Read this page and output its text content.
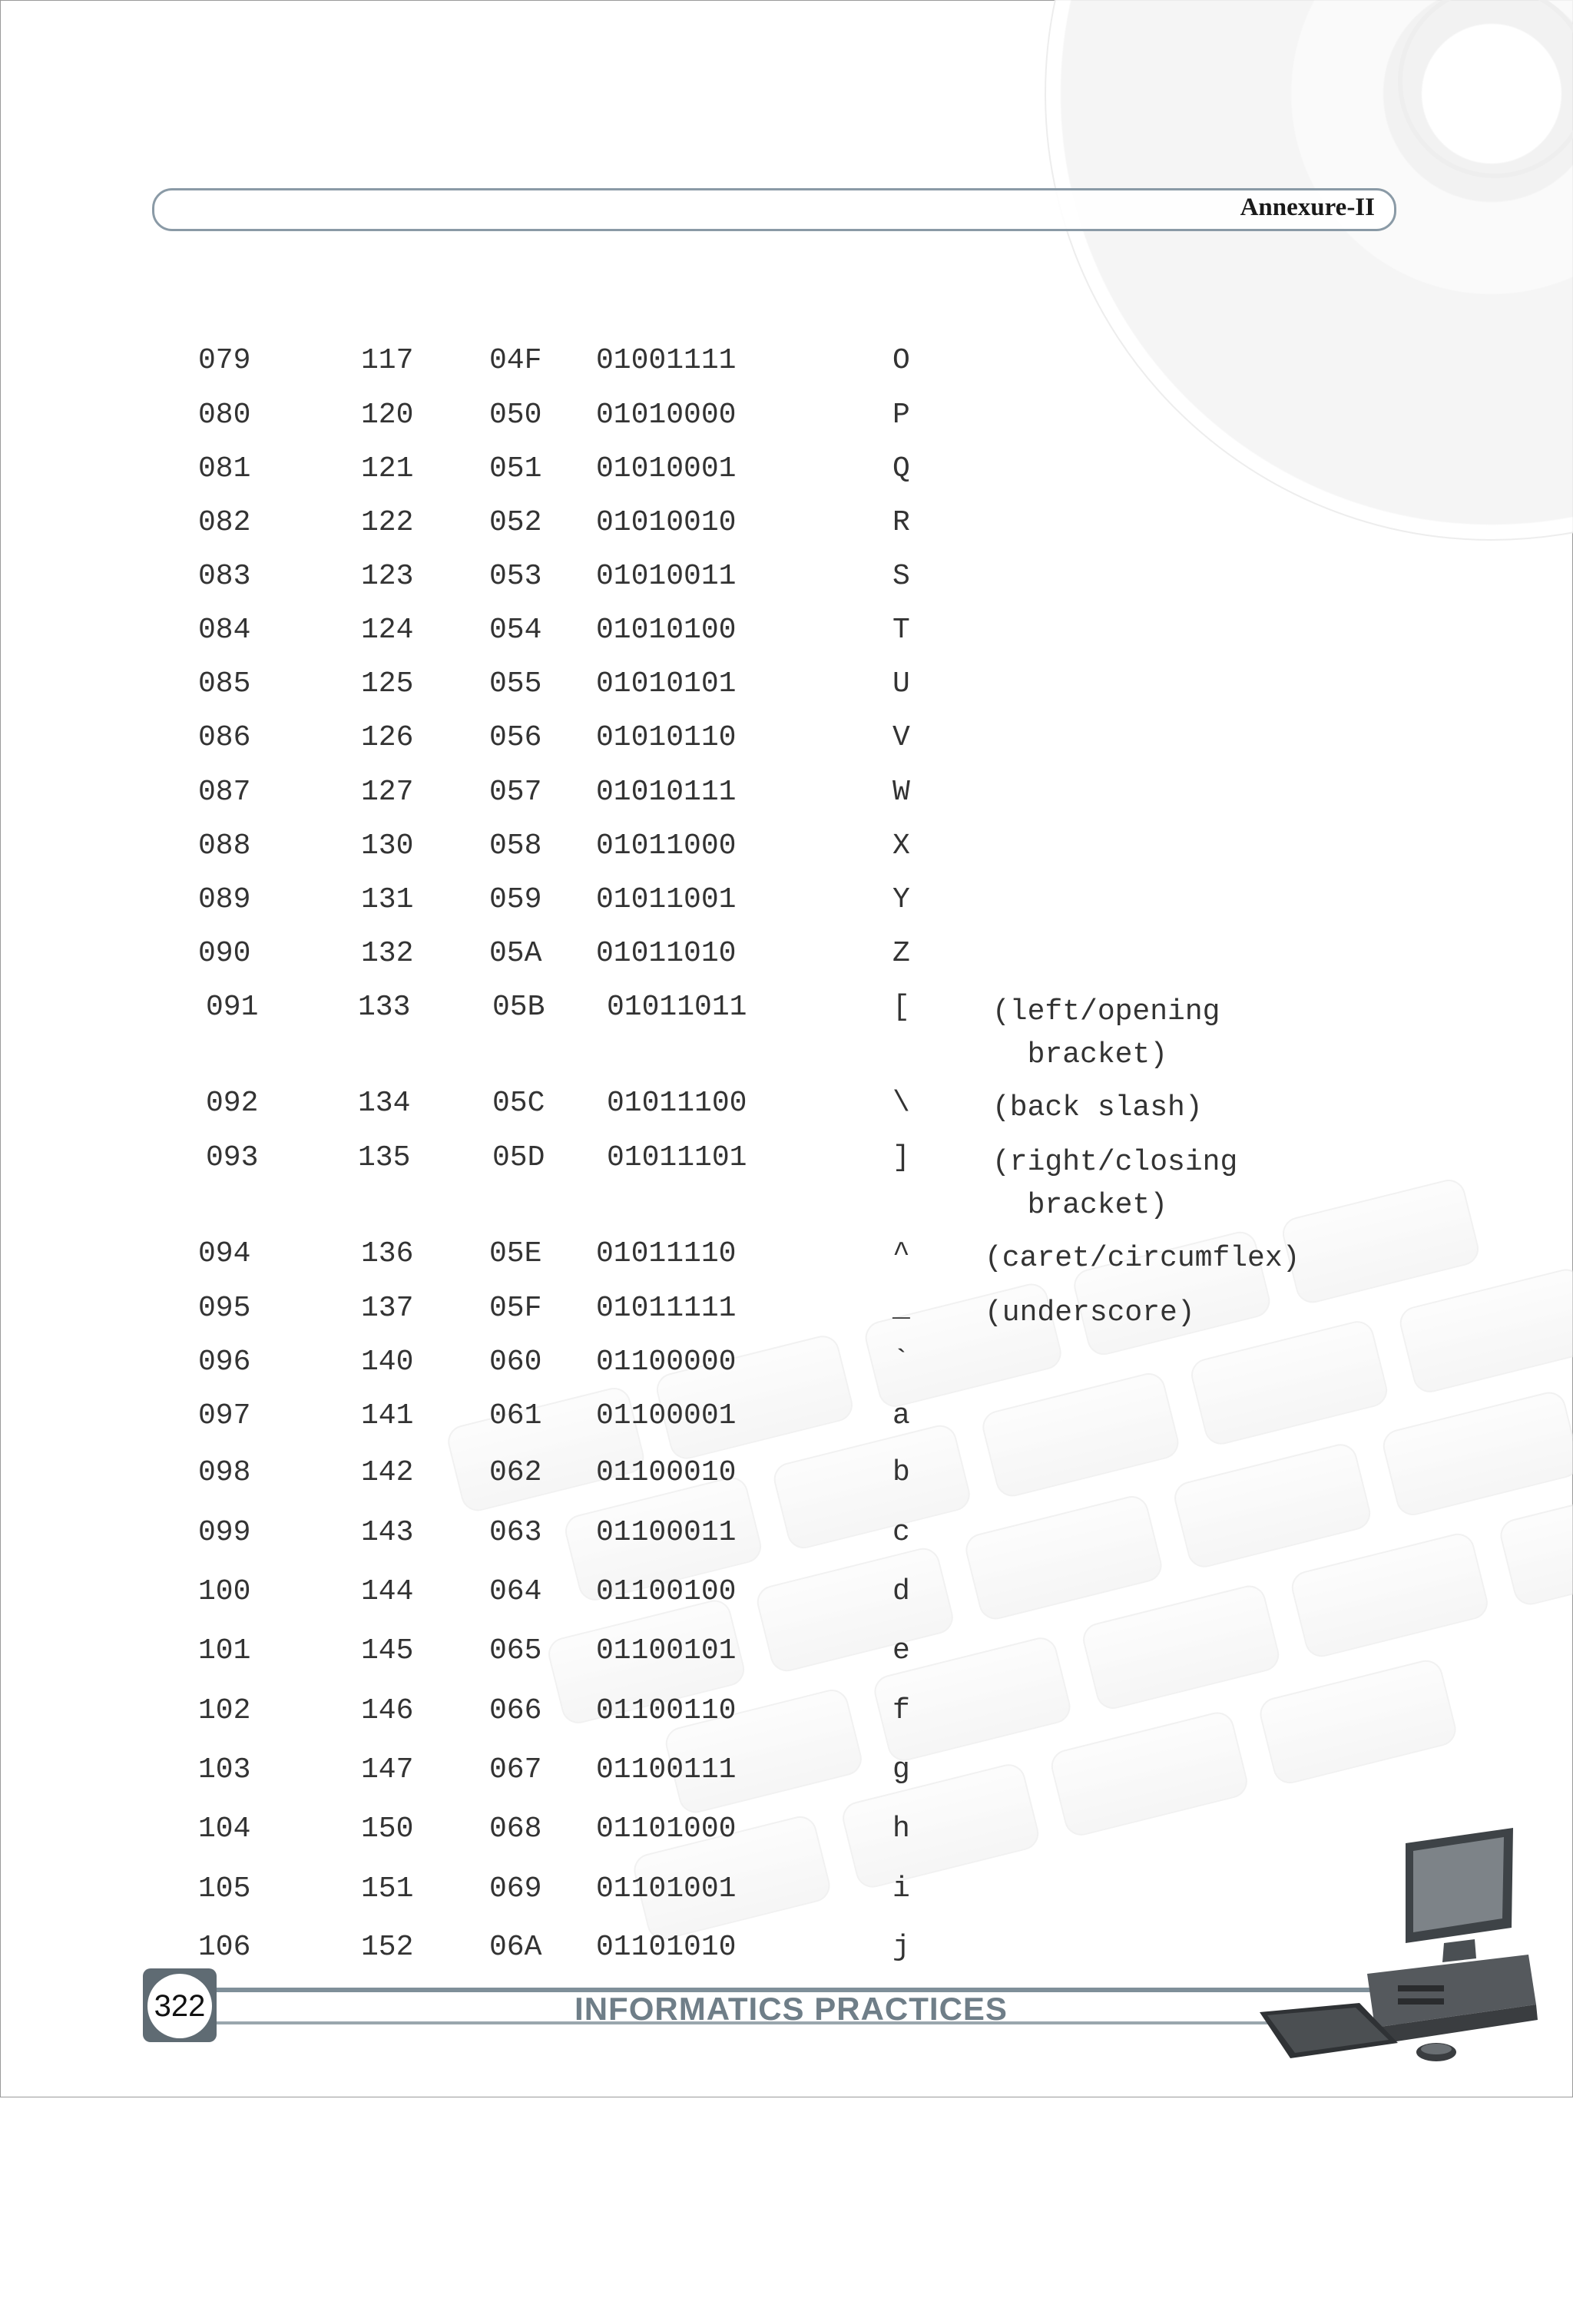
Annexure-II
079	117	04F 01001111	O
080	120	050 01010000	P
081	121	051 01010001	Q
082	122	052 01010010	R
083	123	053 01010011	S
084	124	054 01010100	T
085	125	055 01010101	U
086	126	056 01010110	V
087	127	057 01010111	W
088	130	058 01011000	X
089	131	059 01011001	Y
090	132	05A 01011010	Z
091	133	05B 01011011	[	(left/opening
bracket)
092	134	05C 01011100	\	(back slash)
093	135	05D 01011101	]	(right/closing
bracket)
094	136	05E 01011110	^	(caret/circumflex)
095	137	05F 01011111	_	(underscore)
096	140	060 01100000	`
097	141	061 01100001	a
098	142	062 01100010	b
099	143	063 01100011	c
100	144	064 01100100	d
101	145	065 01100101	e
102	146	066 01100110	f
103	147	067 01100111	g
104	150	068 01101000	h
105	151	069 01101001	i
106	152	06A 01101010	j
322	INFORMATICS PRACTICES
